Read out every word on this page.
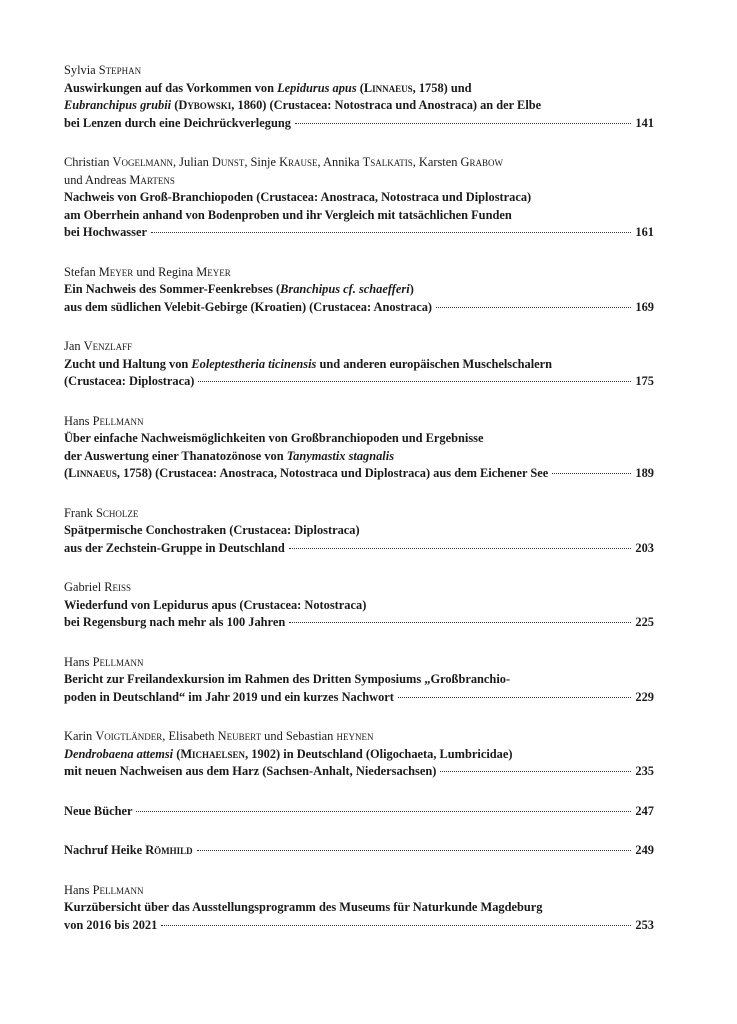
Sylvia Stephan
Auswirkungen auf das Vorkommen von Lepidurus apus (Linnaeus, 1758) und
Eubranchipus grubii (Dybowski, 1860) (Crustacea: Notostraca und Anostraca) an der Elbe
bei Lenzen durch eine Deichrückverlegung	141
Christian Vogelmann, Julian Dunst, Sinje Krause, Annika Tsalkatis, Karsten Grabow
und Andreas Martens
Nachweis von Groß-Branchiopoden (Crustacea: Anostraca, Notostraca und Diplostraca)
am Oberrhein anhand von Bodenproben und ihr Vergleich mit tatsächlichen Funden
bei Hochwasser	161
Stefan Meyer und Regina Meyer
Ein Nachweis des Sommer-Feenkrebses (Branchipus cf. schaefferi)
aus dem südlichen Velebit-Gebirge (Kroatien) (Crustacea: Anostraca)	169
Jan Venzlaff
Zucht und Haltung von Eoleptestheria ticinensis und anderen europäischen Muschelschalern
(Crustacea: Diplostraca)	175
Hans Pellmann
Über einfache Nachweismöglichkeiten von Großbranchiopoden und Ergebnisse
der Auswertung einer Thanatozönose von Tanymastix stagnalis
(Linnaeus, 1758) (Crustacea: Anostraca, Notostraca und Diplostraca) aus dem Eichener See	189
Frank Scholze
Spätpermische Conchostraken (Crustacea: Diplostraca)
aus der Zechstein-Gruppe in Deutschland	203
Gabriel Reiss
Wiederfund von Lepidurus apus (Crustacea: Notostraca)
bei Regensburg nach mehr als 100 Jahren	225
Hans Pellmann
Bericht zur Freilandexkursion im Rahmen des Dritten Symposiums „Großbranchio-
poden in Deutschland“ im Jahr 2019 und ein kurzes Nachwort	229
Karin Voigtländer, Elisabeth Neubert und Sebastian heynen
Dendrobaena attemsi (Michaelsen, 1902) in Deutschland (Oligochaeta, Lumbricidae)
mit neuen Nachweisen aus dem Harz (Sachsen-Anhalt, Niedersachsen)	235
Neue Bücher	247
Nachruf Heike Römhild	249
Hans Pellmann
Kurzübersicht über das Ausstellungsprogramm des Museums für Naturkunde Magdeburg
von 2016 bis 2021	253
